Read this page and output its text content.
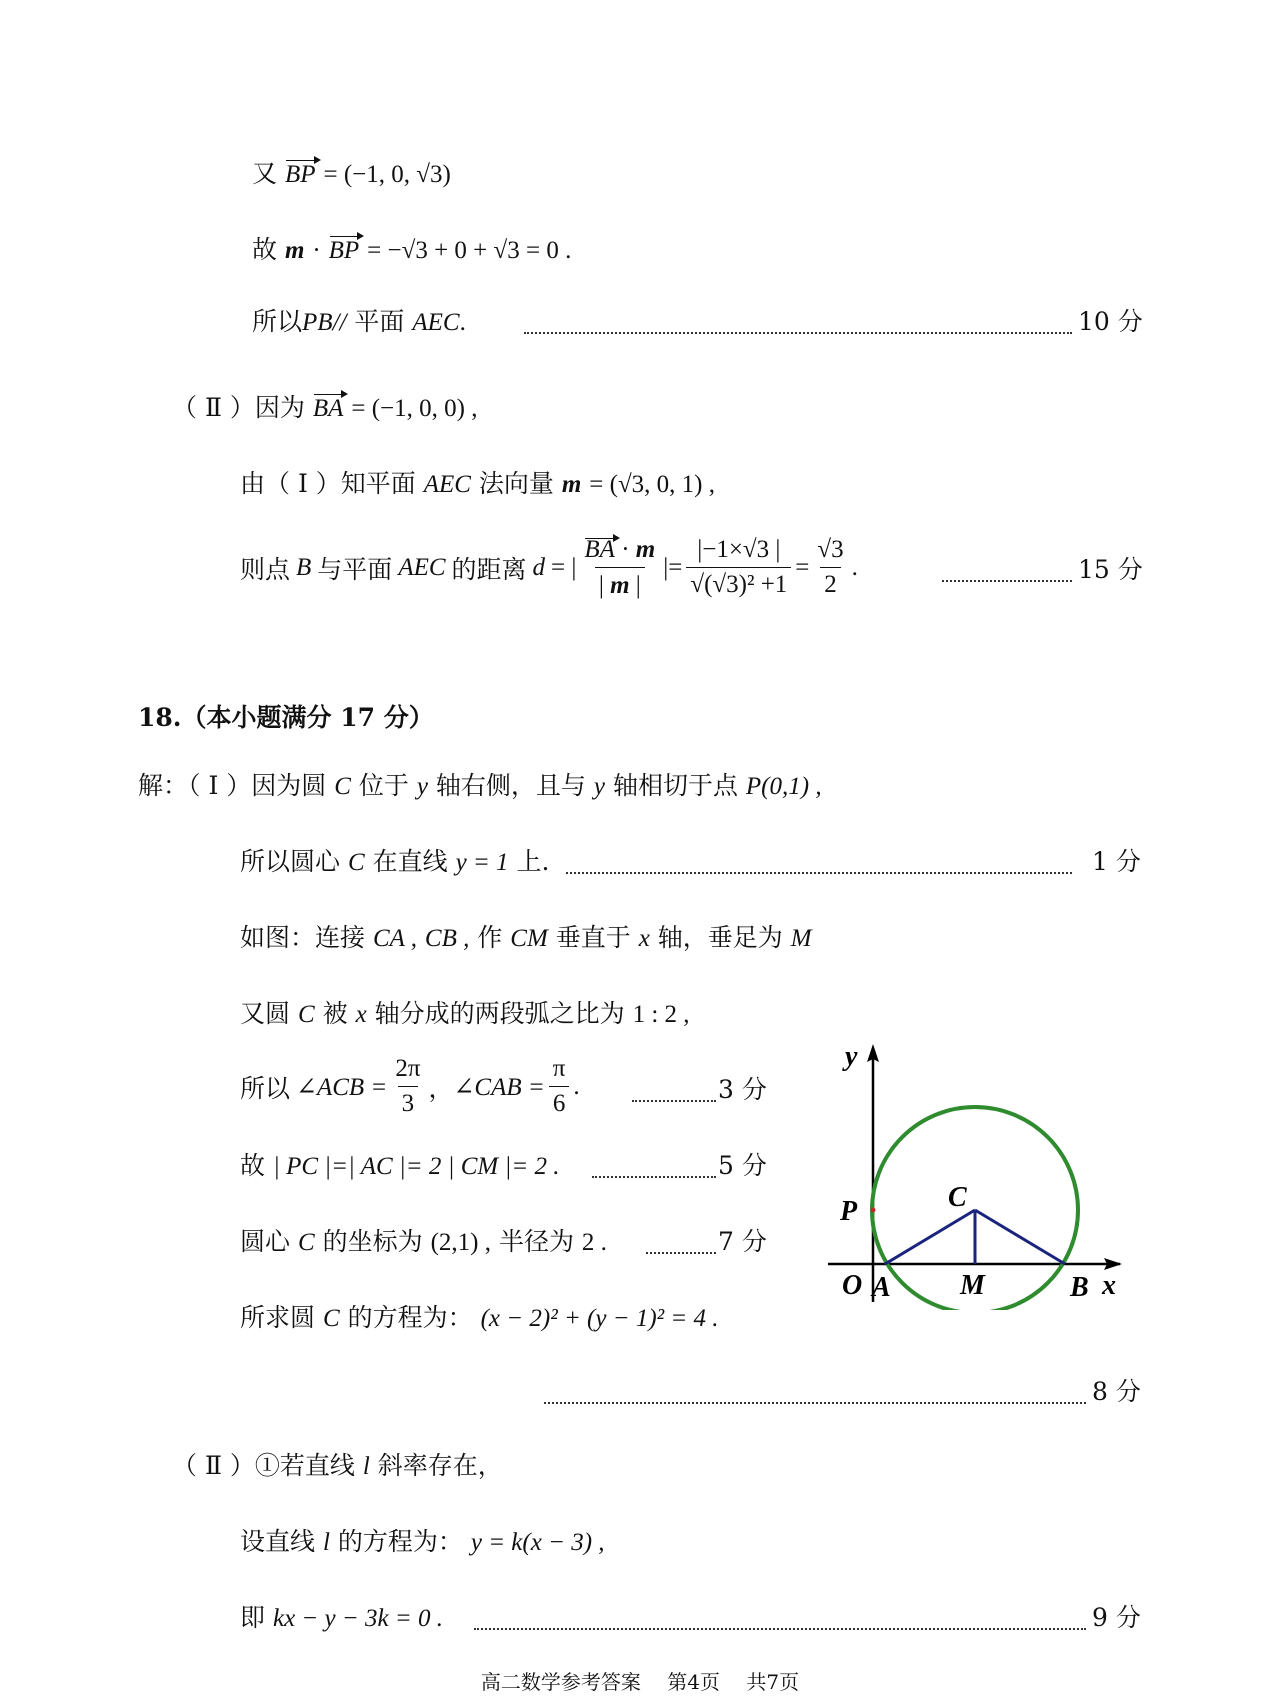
又 BP = (−1, 0, √3)
故 m · BP = −√3 + 0 + √3 = 0 .
所以PB// 平面 AEC.	10 分
（ Ⅱ ）因为 BA = (−1, 0, 0) ,
由（ Ⅰ ）知平面 AEC 法向量 m = (√3, 0, 1) ,
则点 B 与平面 AEC 的距离 d = | $\frac{BA \cdot m}{| m |}$ |= $\frac{|-1\times√3 |}{\text{√(√3)² +1}} = \frac{√3}{2}$ .	15 分
18.（本小题满分 17 分）
解：（ Ⅰ ）因为圆 C 位于 y 轴右侧，且与 y 轴相切于点 P(0,1) ,
所以圆心 C 在直线 y = 1 上.	1 分
如图：连接 CA , CB , 作 CM 垂直于 x 轴，垂足为 M
又圆 C 被 x 轴分成的两段弧之比为 1 : 2 ,
所以 ∠ACB = $\frac{2\pi}{3}$ ， ∠CAB = $\frac{\pi}{6}$ .	3 分
故 | PC |=| AC |= 2 | CM |= 2 .	5 分
圆心 C 的坐标为 (2,1) , 半径为 2 .	7 分
所求圆 C 的方程为： (x − 2)² + (y − 1)² = 4 .
8 分
（ Ⅱ ）①若直线 l 斜率存在，
设直线 l 的方程为： y = k(x − 3) ,
即 kx − y − 3k = 0 .	9 分
y
x
O A M	B
C
P
高二数学参考答案 第4页 共7页
